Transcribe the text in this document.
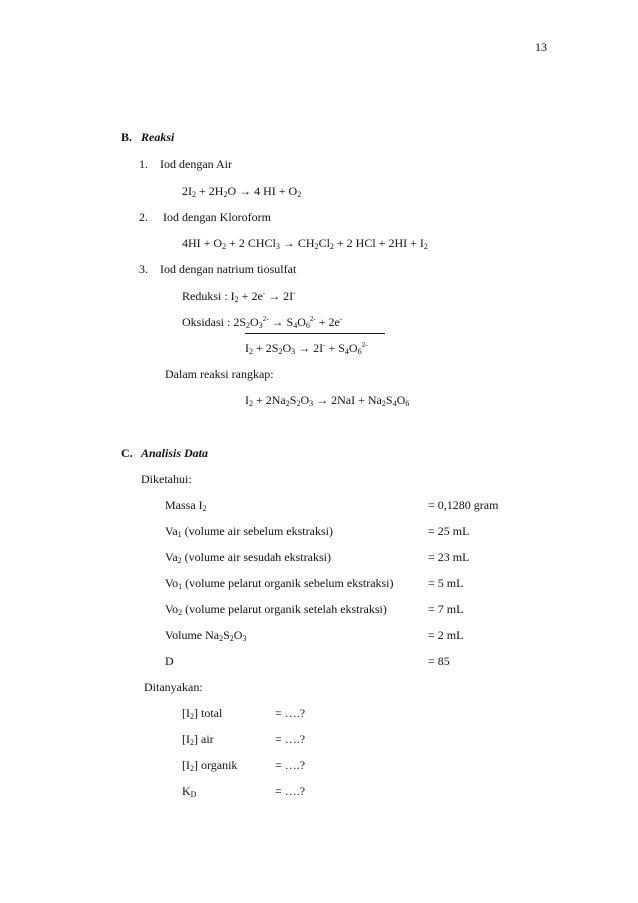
13
B. Reaksi
1. Iod dengan Air
$2I_2 + 2H_2O \to 4$ HI + $O_2$
2. Iod dengan Kloroform
$4HI + O_2 + 2$ CHCl$_3$ → $CH_2Cl_2 + 2$ HCl + $2HI + I_2$
3. Iod dengan natrium tiosulfat
Reduksi : $I_2 + 2e^- \to 2I^-$
Oksidasi : $2S_2O_3^{2-} \to S_4O_6^{2-} + 2e^-$
$I_2 + 2S_2O_3 \to 2I^- + S_4O_6^{2-}$
Dalam reaksi rangkap:
$I_2 + 2Na_2S_2O_3 \to 2NaI + Na_2S_4O_6$
C. Analisis Data
Diketahui:
Massa $I_2$	= 0,1280 gram
$Va_1$ (volume air sebelum ekstraksi)	= 25 mL
$Va_2$ (volume air sesudah ekstraksi)	= 23 mL
$Vo_1$ (volume pelarut organik sebelum ekstraksi)	= 5 mL
$Vo_2$ (volume pelarut organik setelah ekstraksi)	= 7 mL
Volume $Na_2S_2O_3$	= 2 mL
D	= 85
Ditanyakan:
$[I_2]$ total	= ….?
$[I_2]$ air	= ….?
$[I_2]$ organik	= ….?
$K_D$	= ….?
